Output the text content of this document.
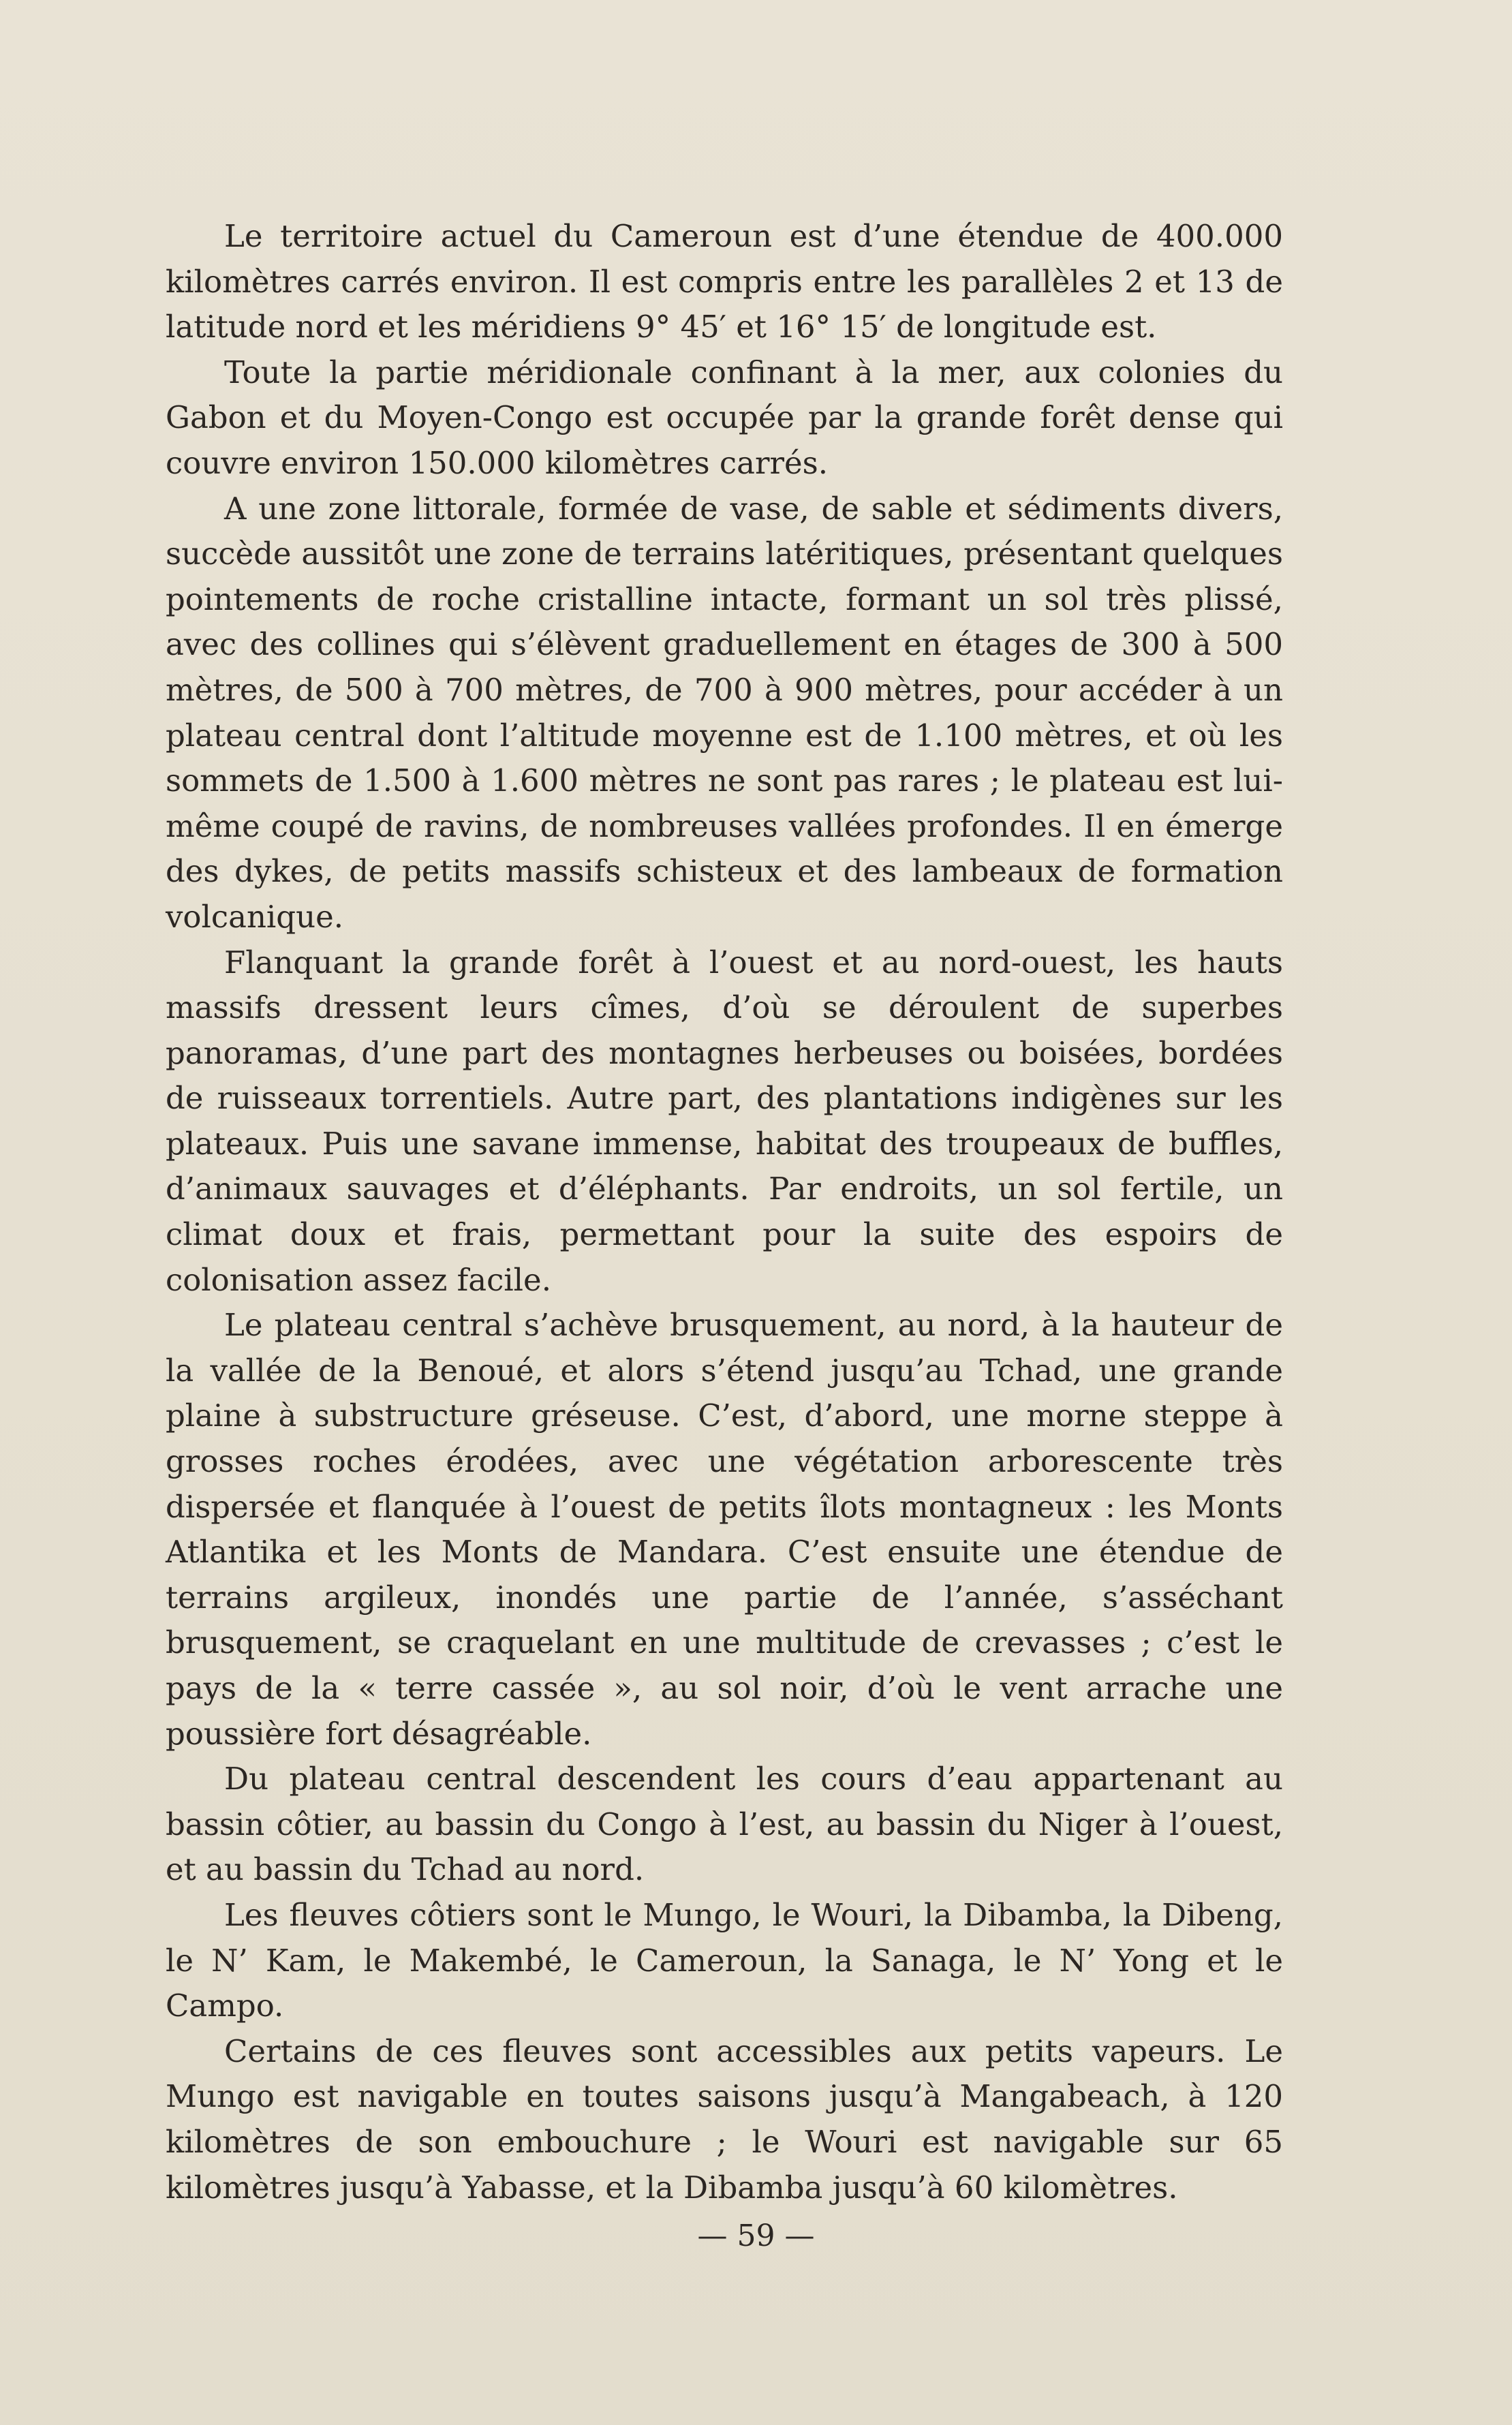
Le territoire actuel du Cameroun est d’une étendue de 400.000 kilomètres carrés environ. Il est compris entre les parallèles 2 et 13 de latitude nord et les méridiens 9° 45′ et 16° 15′ de longitude est.

Toute la partie méridionale confinant à la mer, aux colonies du Gabon et du Moyen-Congo est occupée par la grande forêt dense qui couvre environ 150.000 kilomètres carrés.

A une zone littorale, formée de vase, de sable et sédiments divers, succède aussitôt une zone de terrains latéritiques, présentant quelques pointements de roche cristalline intacte, formant un sol très plissé, avec des collines qui s’élèvent graduellement en étages de 300 à 500 mètres, de 500 à 700 mètres, de 700 à 900 mètres, pour accéder à un plateau central dont l’altitude moyenne est de 1.100 mètres, et où les sommets de 1.500 à 1.600 mètres ne sont pas rares ; le plateau est lui-même coupé de ravins, de nombreuses vallées profondes. Il en émerge des dykes, de petits massifs schisteux et des lambeaux de formation volcanique.

Flanquant la grande forêt à l’ouest et au nord-ouest, les hauts massifs dressent leurs cîmes, d’où se déroulent de superbes panoramas, d’une part des montagnes herbeuses ou boisées, bordées de ruisseaux torrentiels. Autre part, des plantations indigènes sur les plateaux. Puis une savane immense, habitat des troupeaux de buffles, d’animaux sauvages et d’éléphants. Par endroits, un sol fertile, un climat doux et frais, permettant pour la suite des espoirs de colonisation assez facile.

Le plateau central s’achève brusquement, au nord, à la hauteur de la vallée de la Benoué, et alors s’étend jusqu’au Tchad, une grande plaine à substructure gréseuse. C’est, d’abord, une morne steppe à grosses roches érodées, avec une végétation arborescente très dispersée et flanquée à l’ouest de petits îlots montagneux : les Monts Atlantika et les Monts de Mandara. C’est ensuite une étendue de terrains argileux, inondés une partie de l’année, s’asséchant brusquement, se craquelant en une multitude de crevasses ; c’est le pays de la « terre cassée », au sol noir, d’où le vent arrache une poussière fort désagréable.

Du plateau central descendent les cours d’eau appartenant au bassin côtier, au bassin du Congo à l’est, au bassin du Niger à l’ouest, et au bassin du Tchad au nord.

Les fleuves côtiers sont le Mungo, le Wouri, la Dibamba, la Dibeng, le N’ Kam, le Makembé, le Cameroun, la Sanaga, le N’ Yong et le Campo.

Certains de ces fleuves sont accessibles aux petits vapeurs. Le Mungo est navigable en toutes saisons jusqu’à Mangabeach, à 120 kilomètres de son embouchure ; le Wouri est navigable sur 65 kilomètres jusqu’à Yabasse, et la Dibamba jusqu’à 60 kilomètres.

— 59 —
